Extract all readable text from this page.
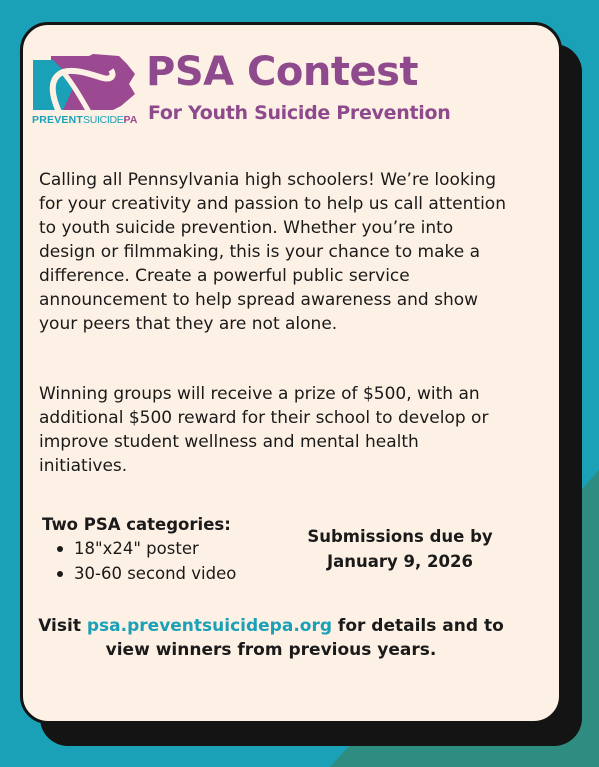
PREVENTSUICIDEPA
PSA Contest
For Youth Suicide Prevention

Calling all Pennsylvania high schoolers! We’re looking for your creativity and passion to help us call attention to youth suicide prevention. Whether you’re into design or filmmaking, this is your chance to make a difference. Create a powerful public service announcement to help spread awareness and show your peers that they are not alone.

Winning groups will receive a prize of $500, with an additional $500 reward for their school to develop or improve student wellness and mental health initiatives.

Two PSA categories:

18"x24" poster
30-60 second video
Submissions due by
January 9, 2026
Visit psa.preventsuicidepa.org for details and to view winners from previous years.
